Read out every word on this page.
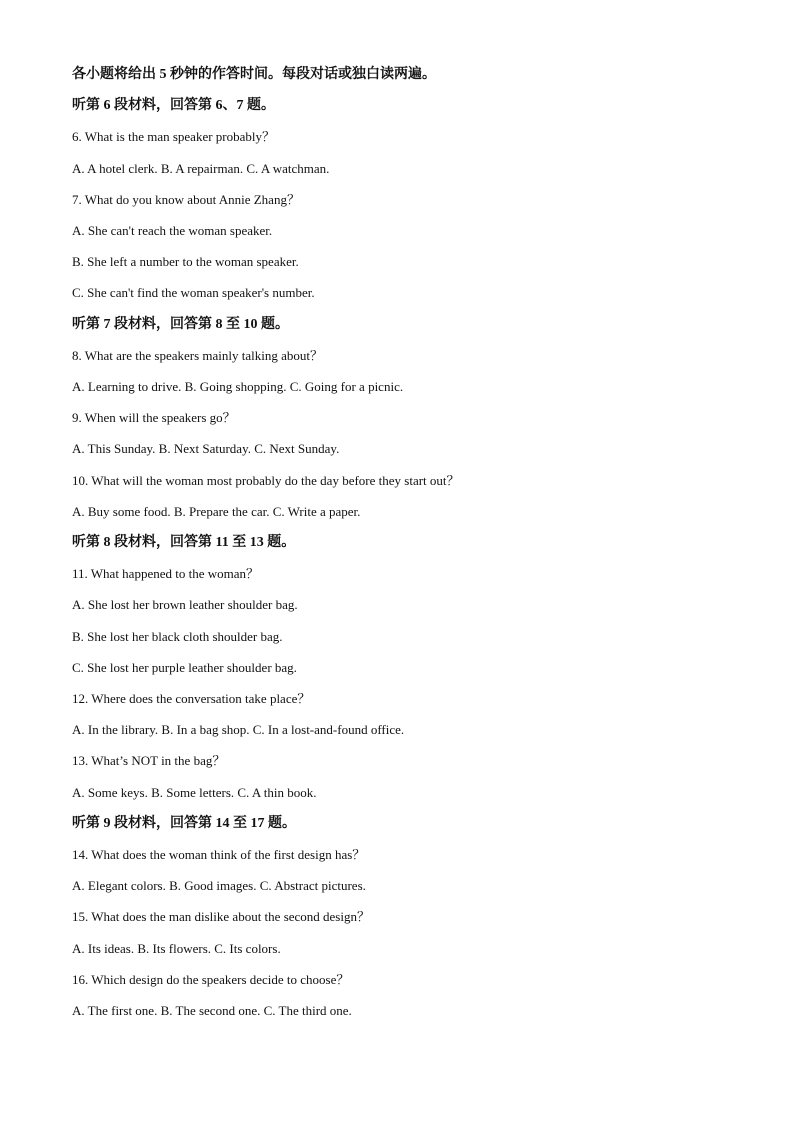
各小题将给出 5 秒钟的作答时间。每段对话或独白读两遍。
听第 6 段材料，回答第 6、7 题。
6. What is the man speaker probably？
A. A hotel clerk. B. A repairman. C. A watchman.
7. What do you know about Annie Zhang？
A. She can't reach the woman speaker.
B. She left a number to the woman speaker.
C. She can't find the woman speaker's number.
听第 7 段材料，回答第 8 至 10 题。
8. What are the speakers mainly talking about？
A. Learning to drive. B. Going shopping. C. Going for a picnic.
9. When will the speakers go？
A. This Sunday. B. Next Saturday. C. Next Sunday.
10. What will the woman most probably do the day before they start out？
A. Buy some food. B. Prepare the car. C. Write a paper.
听第 8 段材料，回答第 11 至 13 题。
11. What happened to the woman？
A. She lost her brown leather shoulder bag.
B. She lost her black cloth shoulder bag.
C. She lost her purple leather shoulder bag.
12. Where does the conversation take place？
A. In the library. B. In a bag shop. C. In a lost-and-found office.
13. What’s NOT in the bag？
A. Some keys. B. Some letters. C. A thin book.
听第 9 段材料，回答第 14 至 17 题。
14. What does the woman think of the first design has？
A. Elegant colors. B. Good images. C. Abstract pictures.
15. What does the man dislike about the second design？
A. Its ideas. B. Its flowers. C. Its colors.
16. Which design do the speakers decide to choose？
A. The first one. B. The second one. C. The third one.
